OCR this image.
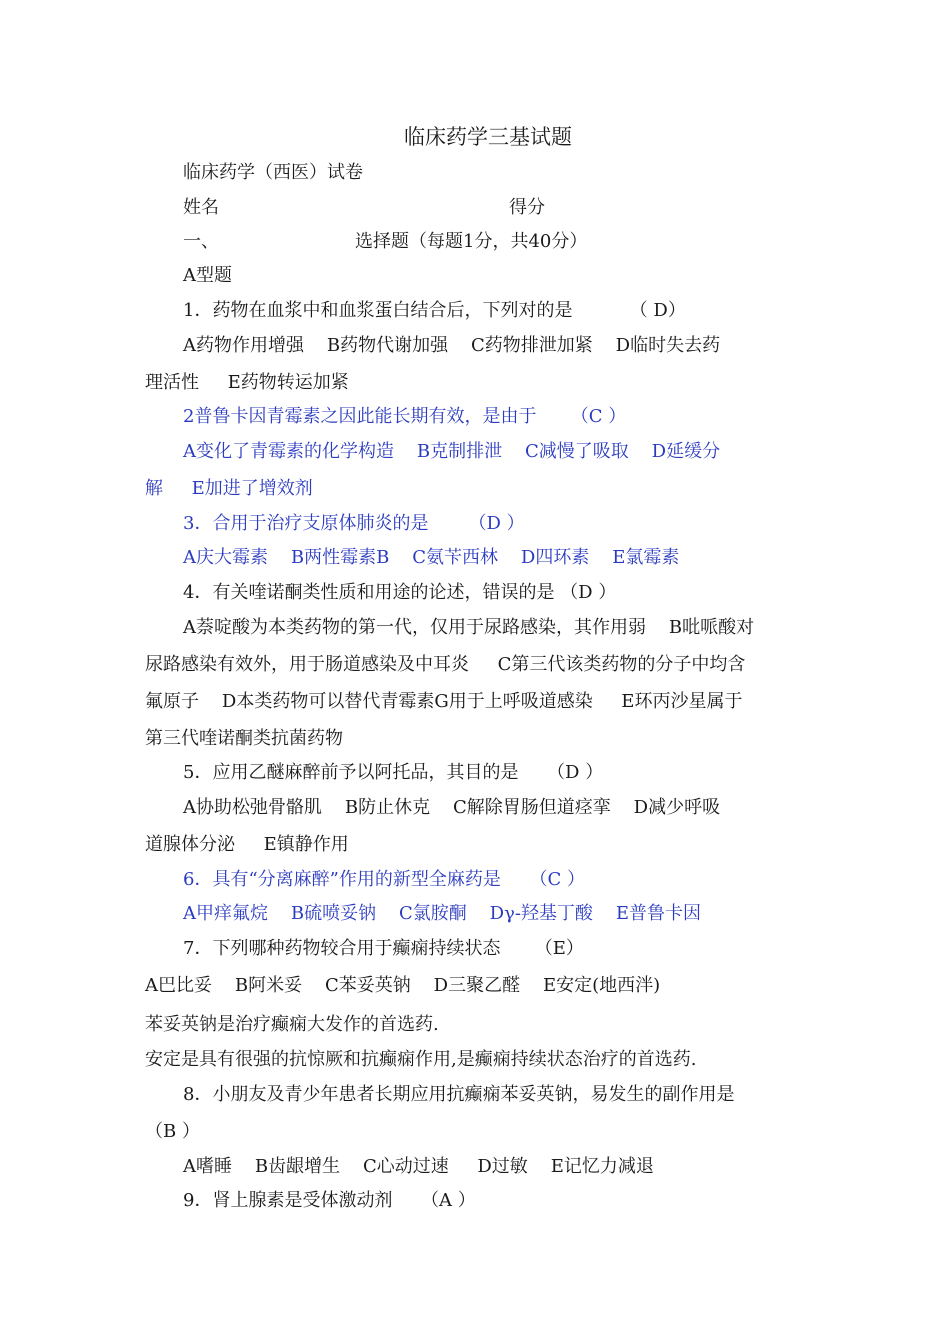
临床药学三基试题
临床药学（西医）试卷
姓名	得分
一、	选择题（每题1分，共40分）
A型题
1．药物在血浆中和血浆蛋白结合后，下列对的是          （ D）
A药物作用增强    B药物代谢加强    C药物排泄加紧    D临时失去药
理活性     E药物转运加紧
2普鲁卡因青霉素之因此能长期有效，是由于      （C ）
A变化了青霉素的化学构造    B克制排泄    C减慢了吸取    D延缓分
解     E加进了增效剂
3．合用于治疗支原体肺炎的是       （D ）
A庆大霉素    B两性霉素B    C氨苄西林    D四环素    E氯霉素
4．有关喹诺酮类性质和用途的论述，错误的是 （D ）
A萘啶酸为本类药物的第一代，仅用于尿路感染，其作用弱    B吡哌酸对
尿路感染有效外，用于肠道感染及中耳炎     C第三代该类药物的分子中均含
氟原子    D本类药物可以替代青霉素G用于上呼吸道感染     E环丙沙星属于
第三代喹诺酮类抗菌药物
5．应用乙醚麻醉前予以阿托品，其目的是     （D ）
A协助松弛骨骼肌    B防止休克    C解除胃肠但道痉挛    D减少呼吸
道腺体分泌     E镇静作用
6．具有“分离麻醉”作用的新型全麻药是     （C ）
A甲痒氟烷    B硫喷妥钠    C氯胺酮    Dγ-羟基丁酸    E普鲁卡因
7．下列哪种药物较合用于癫痫持续状态      （E）
A巴比妥    B阿米妥    C苯妥英钠    D三聚乙醛    E安定(地西泮)
苯妥英钠是治疗癫痫大发作的首选药.
安定是具有很强的抗惊厥和抗癫痫作用,是癫痫持续状态治疗的首选药.
8．小朋友及青少年患者长期应用抗癫痫苯妥英钠，易发生的副作用是
（B ）
A嗜睡    B齿龈增生    C心动过速     D过敏    E记忆力减退
9．肾上腺素是受体激动剂     （A ）
